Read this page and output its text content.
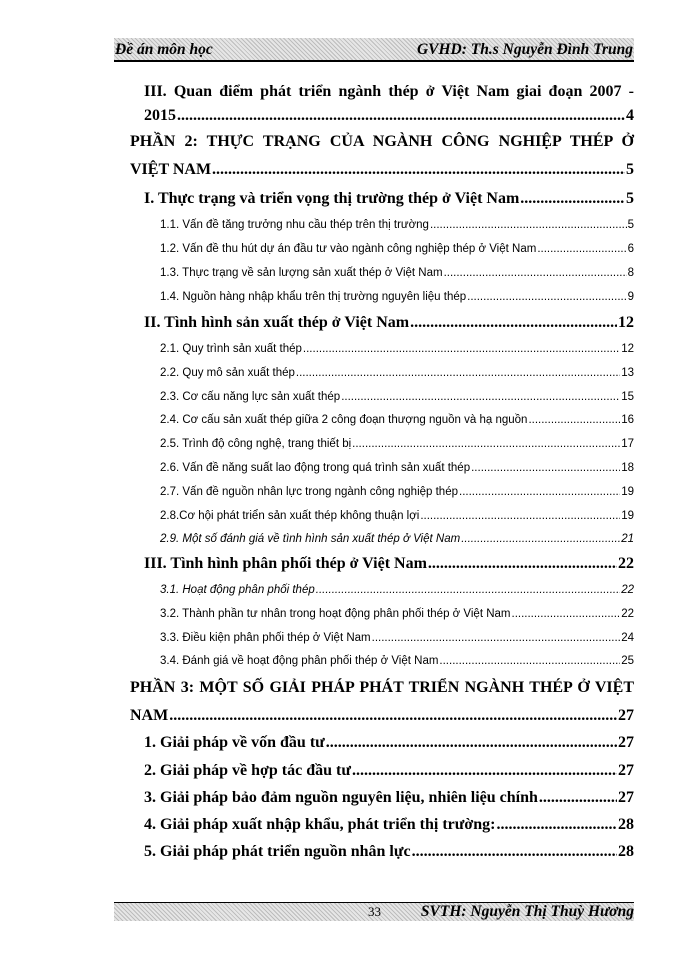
Đề án môn học	GVHD: Th.s Nguyễn Đình Trung
III. Quan điểm phát triển ngành thép ở Việt Nam giai đoạn 2007 -
2015 .....	4
PHẦN 2: THỰC TRẠNG CỦA NGÀNH CÔNG NGHIỆP THÉP Ở
VIỆT NAM .....	5
I. Thực trạng và triển vọng thị trường thép ở Việt Nam .....	5
1.1. Vấn đề tăng trưởng nhu cầu thép trên thị trường .....	5
1.2. Vấn đề thu hút dự án đầu tư vào ngành công nghiệp thép ở Việt Nam .....	6
1.3. Thực trạng về sản lượng sản xuất thép ở Việt Nam .....	8
1.4. Nguồn hàng nhập khẩu trên thị trường nguyên liệu thép .....	9
II. Tình hình sản xuất thép ở Việt Nam .....	12
2.1. Quy trình sản xuất thép .....	12
2.2. Quy mô sản xuất thép .....	13
2.3. Cơ cấu năng lực sản xuất thép .....	15
2.4. Cơ cấu sản xuất thép giữa 2 công đoạn thượng nguồn và hạ nguồn .....	16
2.5. Trình độ công nghệ, trang thiết bị .....	17
2.6. Vấn đề năng suất lao động trong quá trình sản xuất thép .....	18
2.7. Vấn đề nguồn nhân lực trong ngành công nghiệp thép .....	19
2.8.Cơ hội phát triển sản xuất thép không thuận lợi .....	19
2.9. Một số đánh giá về tình hình sản xuất thép ở Việt Nam .....	21
III. Tình hình phân phối thép ở Việt Nam .....	22
3.1. Hoạt động phân phối thép .....	22
3.2. Thành phần tư nhân trong hoạt động phân phối thép ở Việt Nam .....	22
3.3. Điều kiện phân phối thép ở Việt Nam .....	24
3.4. Đánh giá về hoạt động phân phối thép ở Việt Nam .....	25
PHẦN 3: MỘT SỐ GIẢI PHÁP PHÁT TRIỂN NGÀNH THÉP Ở VIỆT
NAM .....	27
1. Giải pháp về vốn đầu tư .....	27
2. Giải pháp về hợp tác đầu tư .....	27
3. Giải pháp bảo đảm nguồn nguyên liệu, nhiên liệu chính .....	27
4. Giải pháp xuất nhập khẩu, phát triển thị trường: .....	28
5. Giải pháp phát triển nguồn nhân lực .....	28
33	SVTH: Nguyễn Thị Thuỳ Hương
